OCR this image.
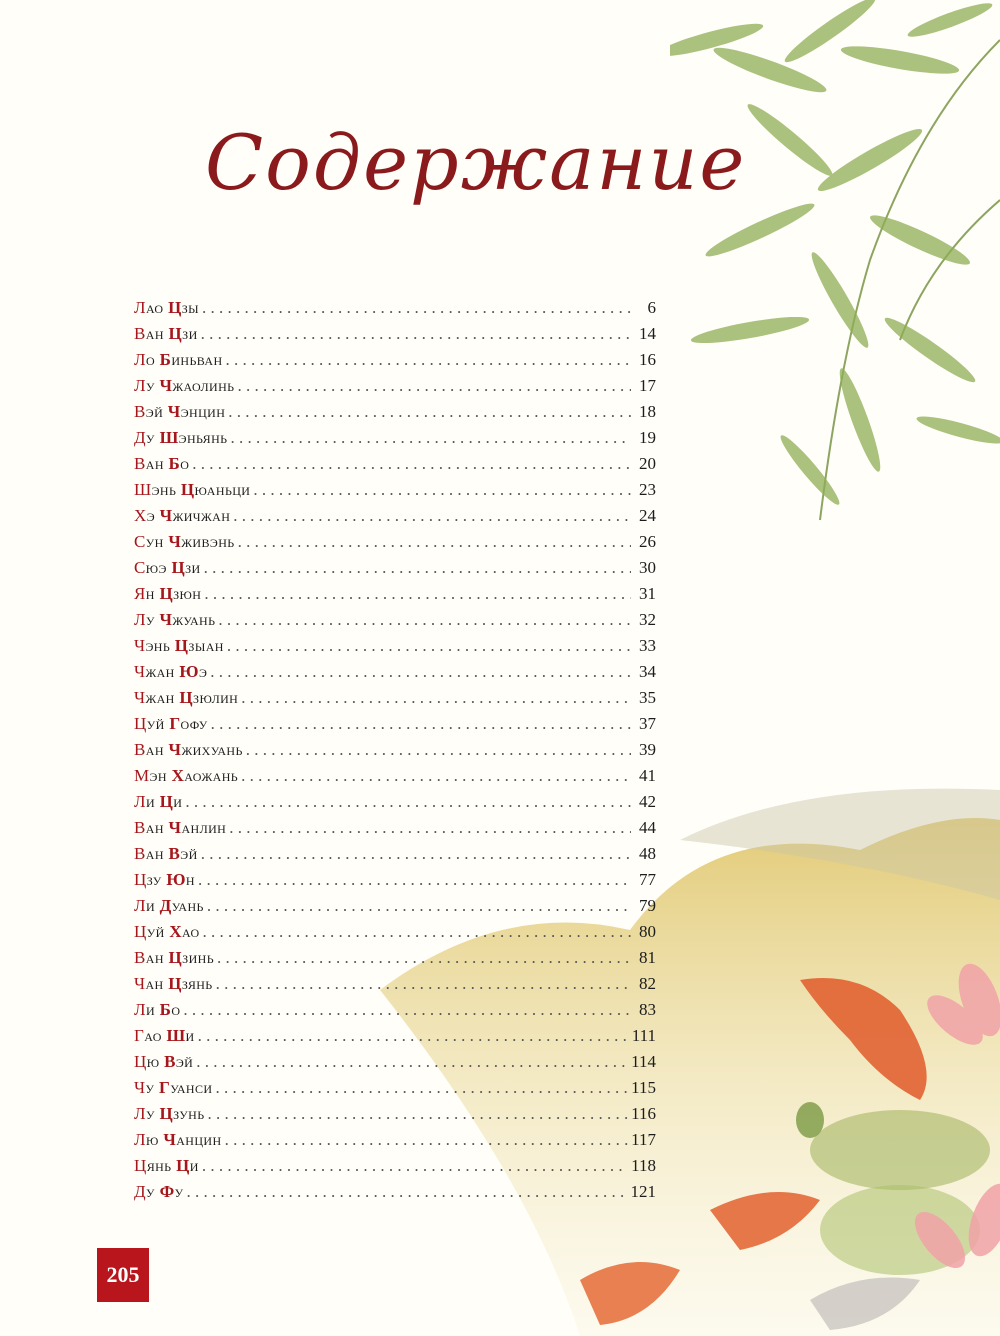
Содержание
Лао Цзы . . .	6
Ван Цзи . . .	14
Ло Биньван . . .	16
Лу Чжаолинь . . .	17
Вэй Чэнцин . . .	18
Ду Шэньянь . . .	19
Ван Бо . . .	20
Шэнь Цюаньци . . .	23
Хэ Чжичжан . . .	24
Сун Чживэнь . . .	26
Сюэ Цзи . . .	30
Ян Цзюн . . .	31
Лу Чжуань . . .	32
Чэнь Цзыан . . .	33
Чжан Юэ . . .	34
Чжан Цзюлин . . .	35
Цуй Гофу . . .	37
Ван Чжихуань . . .	39
Мэн Хаожань . . .	41
Ли Ци . . .	42
Ван Чанлин . . .	44
Ван Вэй . . .	48
Цзу Юн . . .	77
Ли Дуань . . .	79
Цуй Хао . . .	80
Ван Цзинь . . .	81
Чан Цзянь . . .	82
Ли Бо . . .	83
Гао Ши . . .	111
Цю Вэй . . .	114
Чу Гуанси . . .	115
Лу Цзунь . . .	116
Лю Чанцин . . .	117
Цянь Ци . . .	118
Ду Фу . . .	121
205
